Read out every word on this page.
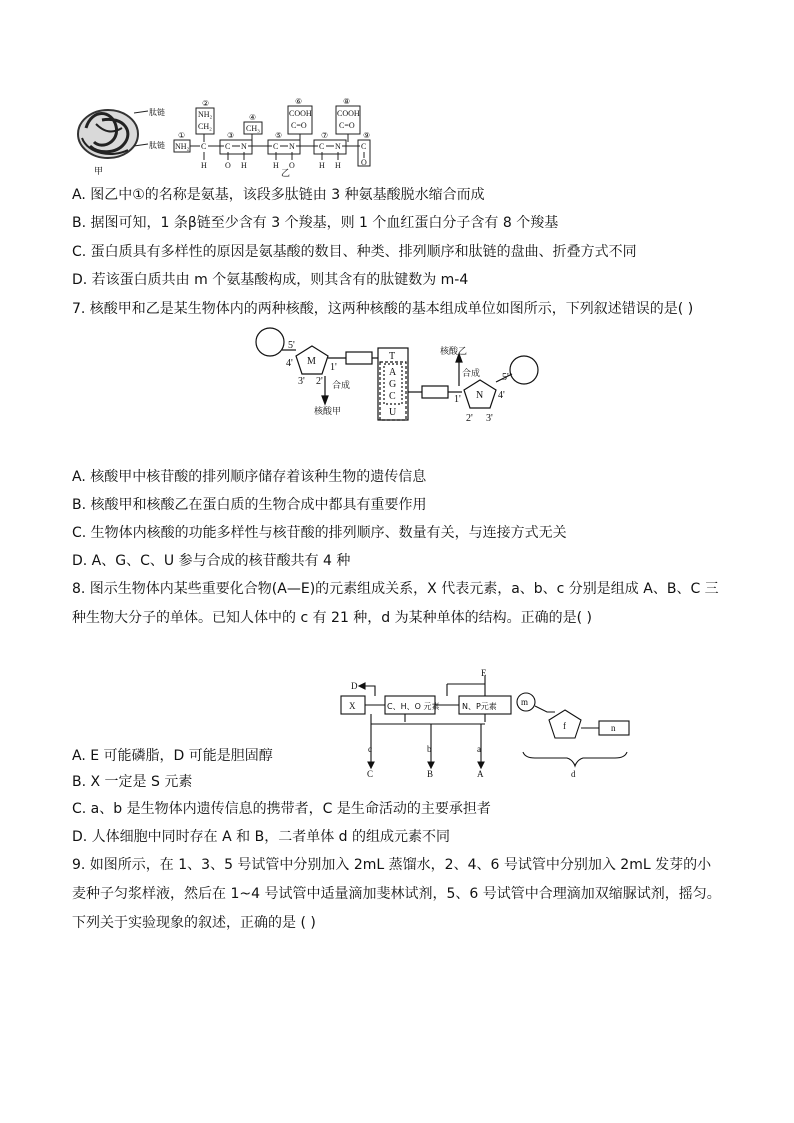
肽链
肽链
甲
②
④
⑥	⑧
①	③	⑤	⑦	⑨
NH₂
CH₂	CH₃
COOH
C=O
COOH
C=O
NH₂ C C N	C N	C N	C
H O H	H O	H H	O
乙
A. 图乙中①的名称是氨基，该段多肽链由 3 种氨基酸脱水缩合而成
B. 据图可知，1 条β链至少含有 3 个羧基，则 1 个血红蛋白分子含有 8 个羧基
C. 蛋白质具有多样性的原因是氨基酸的数目、种类、排列顺序和肽链的盘曲、折叠方式不同
D. 若该蛋白质共由 m 个氨基酸构成，则其含有的肽键数为 m-4
7. 核酸甲和乙是某生物体内的两种核酸，这两种核酸的基本组成单位如图所示，下列叙述错误的是( )
M
5'
4'	1'
3' 2' 合成
核酸甲
T
A
G
C
U
核酸乙
合成
N
1'	4'
5'
2' 3'
A. 核酸甲中核苷酸的排列顺序储存着该种生物的遗传信息
B. 核酸甲和核酸乙在蛋白质的生物合成中都具有重要作用
C. 生物体内核酸的功能多样性与核苷酸的排列顺序、数量有关，与连接方式无关
D. A、G、C、U 参与合成的核苷酸共有 4 种
8. 图示生物体内某些重要化合物(A—E)的元素组成关系，X 代表元素，a、b、c 分别是组成 A、B、C 三种生物大分子的单体。已知人体中的 c 有 21 种，d 为某种单体的结构。正确的是( )
D
E
X	C、H、O 元素	N、P元素
c	b	a
C	B	A
m
f	n
d
A. E 可能磷脂，D 可能是胆固醇
B. X 一定是 S 元素
C. a、b 是生物体内遗传信息的携带者，C 是生命活动的主要承担者
D. 人体细胞中同时存在 A 和 B，二者单体 d 的组成元素不同
9. 如图所示，在 1、3、5 号试管中分别加入 2mL 蒸馏水，2、4、6 号试管中分别加入 2mL 发芽的小麦种子匀浆样液，然后在 1~4 号试管中适量滴加斐林试剂，5、6 号试管中合理滴加双缩脲试剂，摇匀。下列关于实验现象的叙述，正确的是 ( )
